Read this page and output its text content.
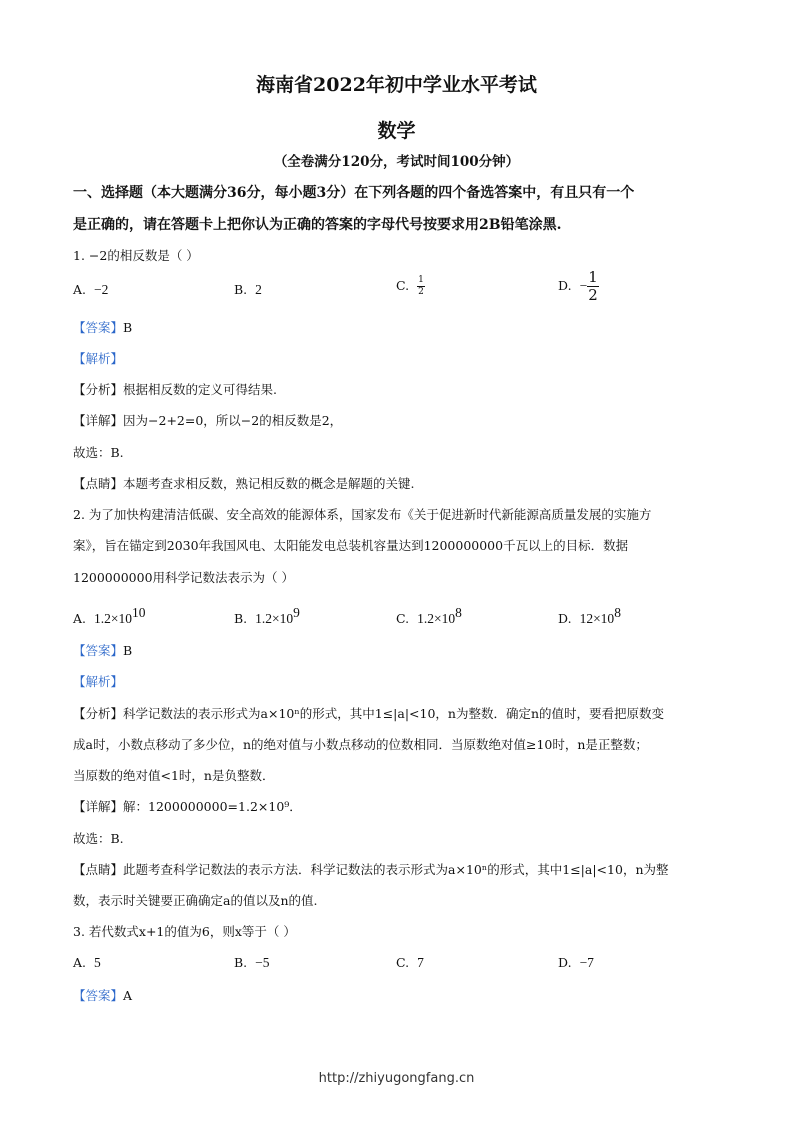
海南省2022年初中学业水平考试
数学
（全卷满分120分，考试时间100分钟）
一、选择题（本大题满分36分，每小题3分）在下列各题的四个备选答案中，有且只有一个
是正确的，请在答题卡上把你认为正确的答案的字母代号按要求用2B铅笔涂黑.
1. −2的相反数是（ ）
A. −2	B. 2	C. $\frac{1}{2}$	D. − $\frac{1}{2}$
【答案】B
【解析】
【分析】根据相反数的定义可得结果.
【详解】因为−2+2=0，所以−2的相反数是2，
故选：B.
【点睛】本题考查求相反数，熟记相反数的概念是解题的关键.
2. 为了加快构建清洁低碳、安全高效的能源体系，国家发布《关于促进新时代新能源高质量发展的实施方
案》，旨在锚定到2030年我国风电、太阳能发电总装机容量达到1200000000千瓦以上的目标．数据
1200000000用科学记数法表示为（ ）
A. $1.2\times 10^{10}$	B. $1.2\times 10^9$	C. $1.2\times 10^8$	D. $12\times 10^8$
【答案】B
【解析】
【分析】科学记数法的表示形式为a×10ⁿ的形式，其中1≤|a|<10，n为整数．确定n的值时，要看把原数变
成a时，小数点移动了多少位，n的绝对值与小数点移动的位数相同．当原数绝对值≥10时，n是正整数；
当原数的绝对值<1时，n是负整数．
【详解】解：1200000000=1.2×10⁹．
故选：B.
【点睛】此题考查科学记数法的表示方法．科学记数法的表示形式为a×10ⁿ的形式，其中1≤|a|<10，n为整
数，表示时关键要正确确定a的值以及n的值.
3. 若代数式x+1的值为6，则x等于（ ）
A. 5	B. −5	C. 7	D. −7
【答案】A
http://zhiyugongfang.cn
